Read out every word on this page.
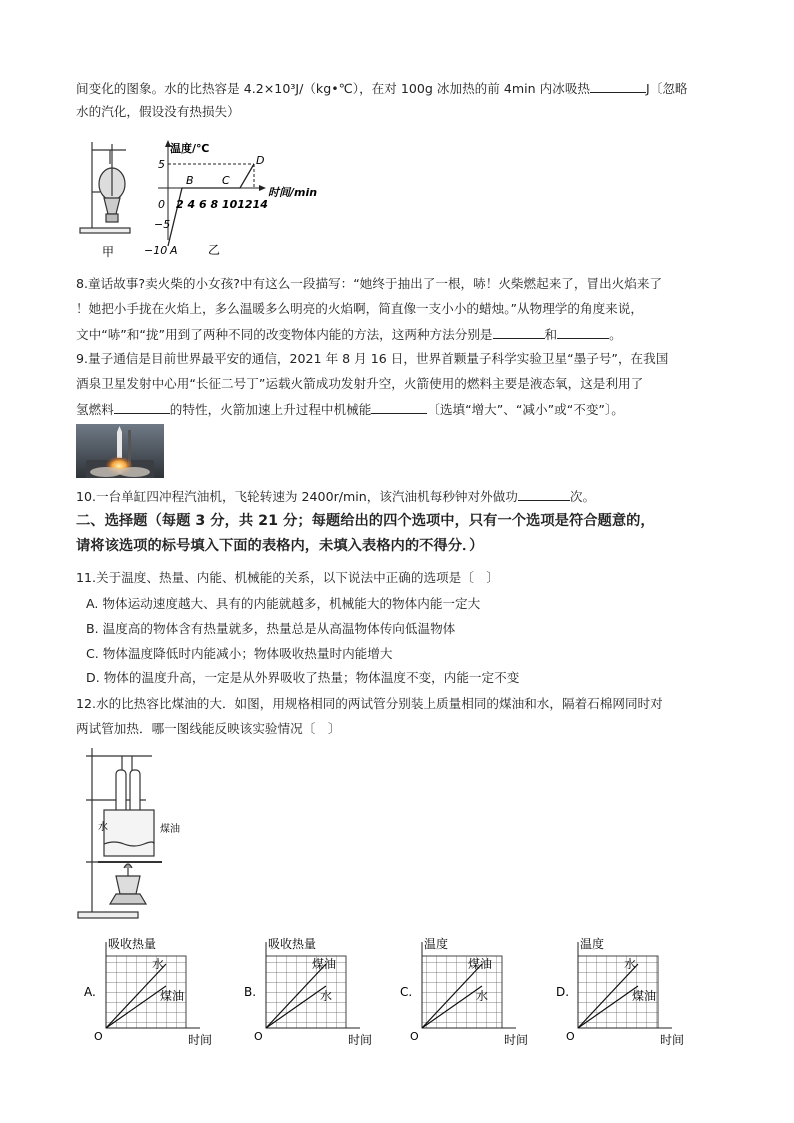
间变化的图象。水的比热容是 4.2×10³J/（kg•℃），在对 100g 冰加热的前 4min 内冰吸热	J〔忽略
水的汽化，假设没有热损失）
甲
温度/℃
时间/min
5
0
−5
−10
2 4 6 8 101214
A
B	C
D
乙
8.童话故事?卖火柴的小女孩?中有这么一段描写：“她终于抽出了一根，哧！火柴燃起来了，冒出火焰来了
！她把小手拢在火焰上，多么温暖多么明亮的火焰啊，简直像一支小小的蜡烛。”从物理学的角度来说，
文中“哧”和“拢”用到了两种不同的改变物体内能的方法，这两种方法分别是	和	。
9.量子通信是目前世界最平安的通信，2021 年 8 月 16 日，世界首颗量子科学实验卫星“墨子号”，在我国
酒泉卫星发射中心用“长征二号丁”运载火箭成功发射升空，火箭使用的燃料主要是液态氧，这是利用了
氢燃料	的特性，火箭加速上升过程中机械能	〔选填“增大”、“减小”或“不变”〕。
10.一台单缸四冲程汽油机，飞轮转速为 2400r/min，该汽油机每秒钟对外做功	次。
二、选择题（每题 3 分，共 21 分；每题给出的四个选项中，只有一个选项是符合题意的，
请将该选项的标号填入下面的表格内，未填入表格内的不得分．）
11.关于温度、热量、内能、机械能的关系，以下说法中正确的选项是〔　〕
A. 物体运动速度越大、具有的内能就越多，机械能大的物体内能一定大
B. 温度高的物体含有热量就多，热量总是从高温物体传向低温物体
C. 物体温度降低时内能减小；物体吸收热量时内能增大
D. 物体的温度升高，一定是从外界吸收了热量；物体温度不变，内能一定不变
12.水的比热容比煤油的大．如图，用规格相同的两试管分别装上质量相同的煤油和水，隔着石棉网同时对
两试管加热．哪一图线能反映该实验情况〔　〕
水	煤油
A.
吸收热量
时间
O
水
煤油	B.
吸收热量
时间
O
煤油
水	C.
温度
时间
O
煤油
水	D.
温度
时间
O
水
煤油
